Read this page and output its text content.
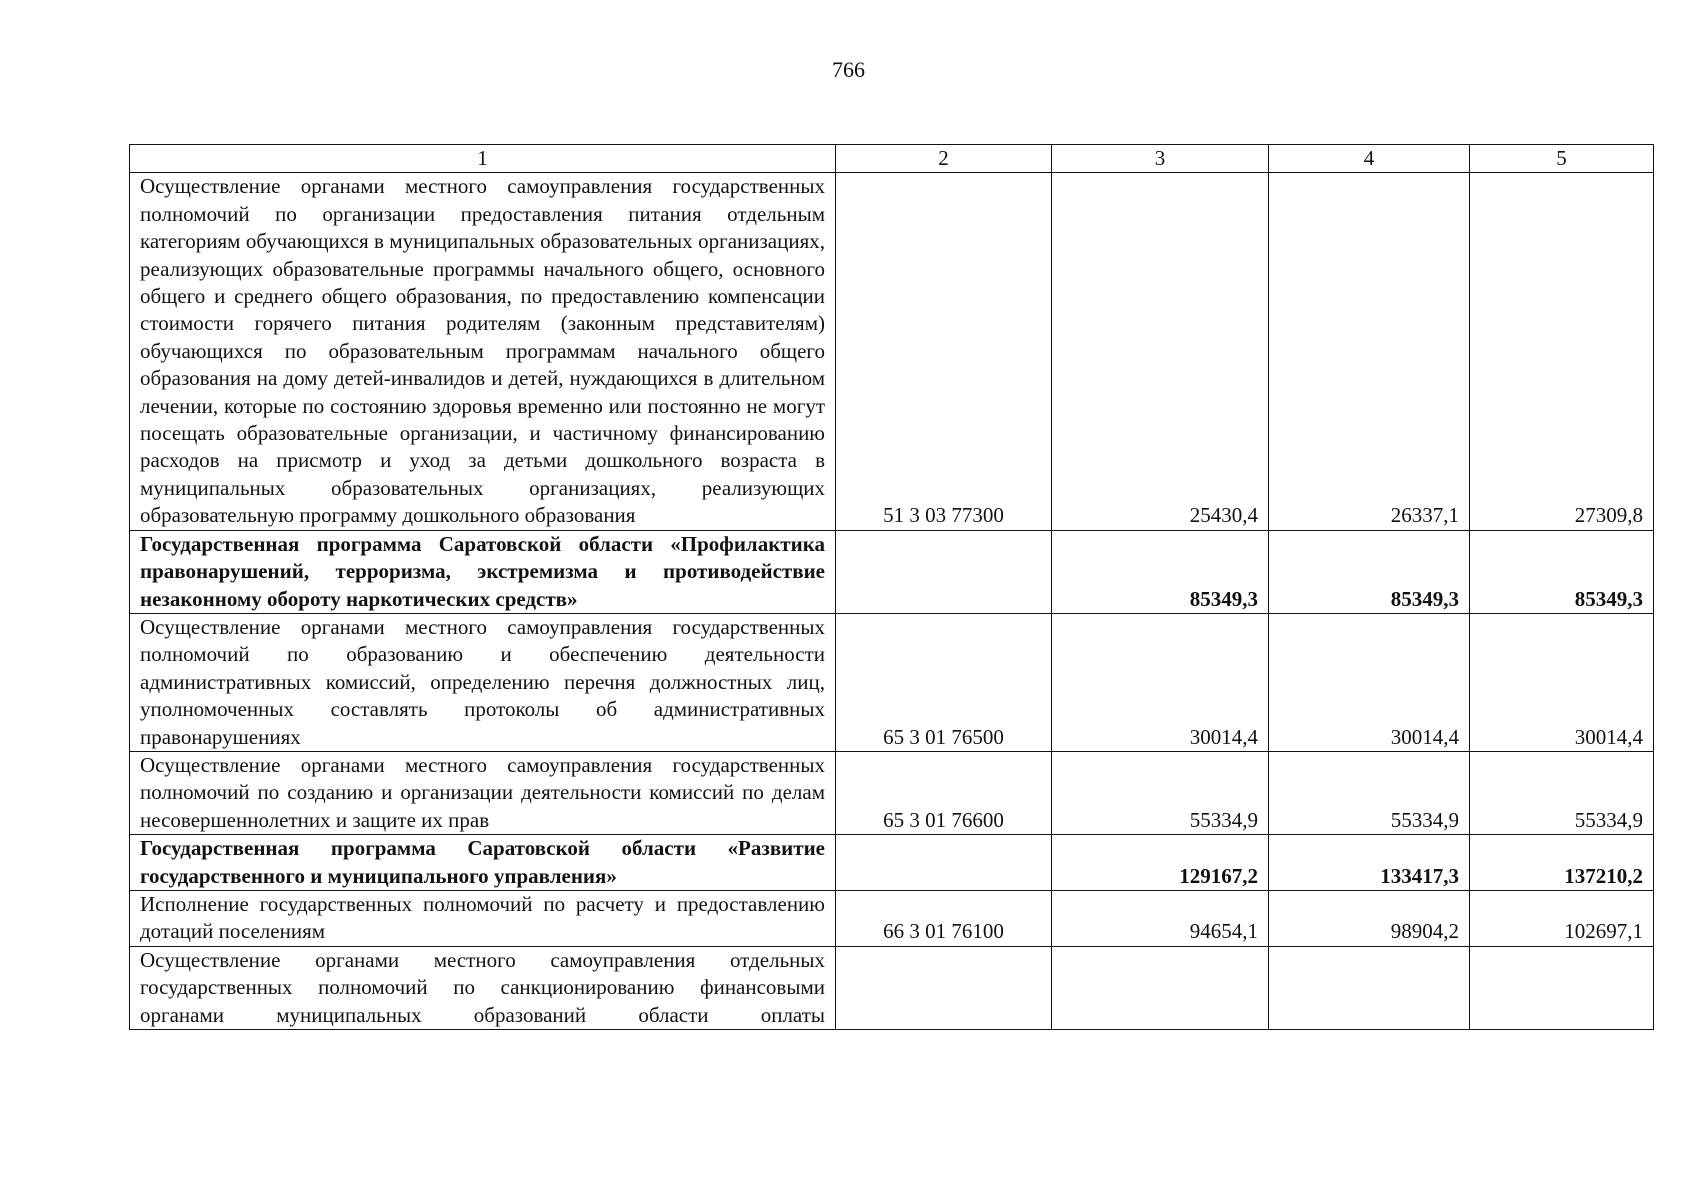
766
1	2	3	4	5
Осуществление органами местного самоуправления государственных полномочий по организации предоставления питания отдельным категориям обучающихся в муниципальных образовательных организациях, реализующих образовательные программы начального общего, основного общего и среднего общего образования, по предоставлению компенсации стоимости горячего питания родителям (законным представителям) обучающихся по образовательным программам начального общего образования на дому детей-инвалидов и детей, нуждающихся в длительном лечении, которые по состоянию здоровья временно или постоянно не могут посещать образовательные организации, и частичному финансированию расходов на присмотр и уход за детьми дошкольного возраста в муниципальных образовательных организациях, реализующих образовательную программу дошкольного образования	51 3 03 77300	25430,4	26337,1	27309,8
Государственная программа Саратовской области «Профилактика правонарушений, терроризма, экстремизма и противодействие незаконному обороту наркотических средств»		85349,3	85349,3	85349,3
Осуществление органами местного самоуправления государственных полномочий по образованию и обеспечению деятельности административных комиссий, определению перечня должностных лиц, уполномоченных составлять протоколы об административных правонарушениях	65 3 01 76500	30014,4	30014,4	30014,4
Осуществление органами местного самоуправления государственных полномочий по созданию и организации деятельности комиссий по делам несовершеннолетних и защите их прав	65 3 01 76600	55334,9	55334,9	55334,9
Государственная программа Саратовской области «Развитие государственного и муниципального управления»		129167,2	133417,3	137210,2
Исполнение государственных полномочий по расчету и предоставлению дотаций поселениям	66 3 01 76100	94654,1	98904,2	102697,1
Осуществление органами местного самоуправления отдельных государственных полномочий по санкционированию финансовыми органами муниципальных образований области оплаты				
